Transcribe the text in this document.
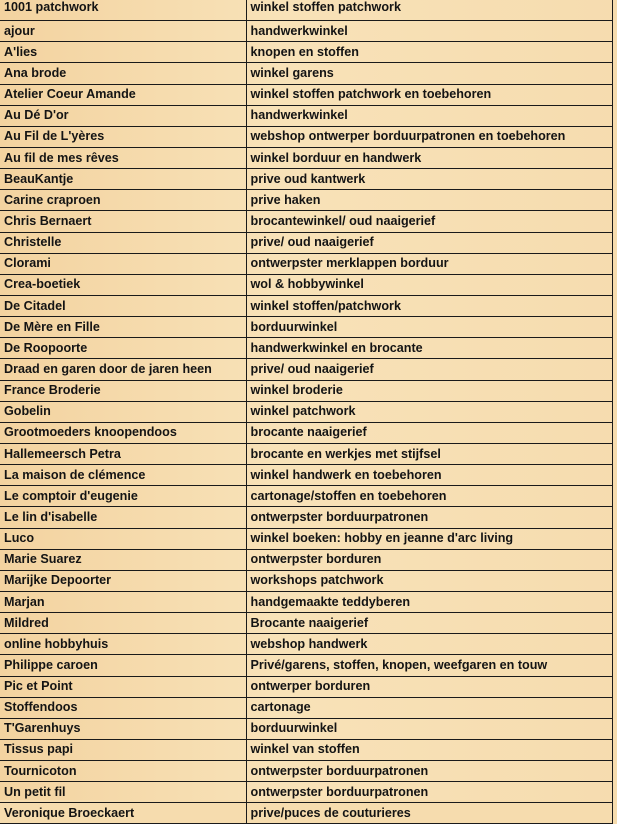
1001 patchwork	winkel stoffen patchwork
ajour	handwerkwinkel
A'lies	knopen en stoffen
Ana brode	winkel garens
Atelier Coeur Amande	winkel stoffen patchwork en toebehoren
Au Dé D'or	handwerkwinkel
Au Fil de L'yères	webshop ontwerper borduurpatronen en toebehoren
Au fil de mes rêves	winkel borduur en handwerk
BeauKantje	prive oud kantwerk
Carine craproen	prive haken
Chris Bernaert	brocantewinkel/ oud naaigerief
Christelle	prive/ oud naaigerief
Clorami	ontwerpster merklappen borduur
Crea-boetiek	wol & hobbywinkel
De Citadel	winkel stoffen/patchwork
De Mère en Fille	borduurwinkel
De Roopoorte	handwerkwinkel en brocante
Draad en garen door de jaren heen	prive/ oud naaigerief
France Broderie	winkel broderie
Gobelin	winkel patchwork
Grootmoeders knoopendoos	brocante naaigerief
Hallemeersch Petra	brocante en werkjes met stijfsel
La maison de clémence	winkel handwerk en toebehoren
Le comptoir d'eugenie	cartonage/stoffen en toebehoren
Le lin d'isabelle	ontwerpster borduurpatronen
Luco	winkel boeken: hobby en jeanne d'arc living
Marie Suarez	ontwerpster borduren
Marijke Depoorter	workshops patchwork
Marjan	handgemaakte teddyberen
Mildred	Brocante naaigerief
online hobbyhuis	webshop handwerk
Philippe caroen	Privé/garens, stoffen, knopen, weefgaren en touw
Pic et Point	ontwerper borduren
Stoffendoos	cartonage
T'Garenhuys	borduurwinkel
Tissus papi	winkel van stoffen
Tournicoton	ontwerpster borduurpatronen
Un petit fil	ontwerpster borduurpatronen
Veronique Broeckaert	prive/puces de couturieres
